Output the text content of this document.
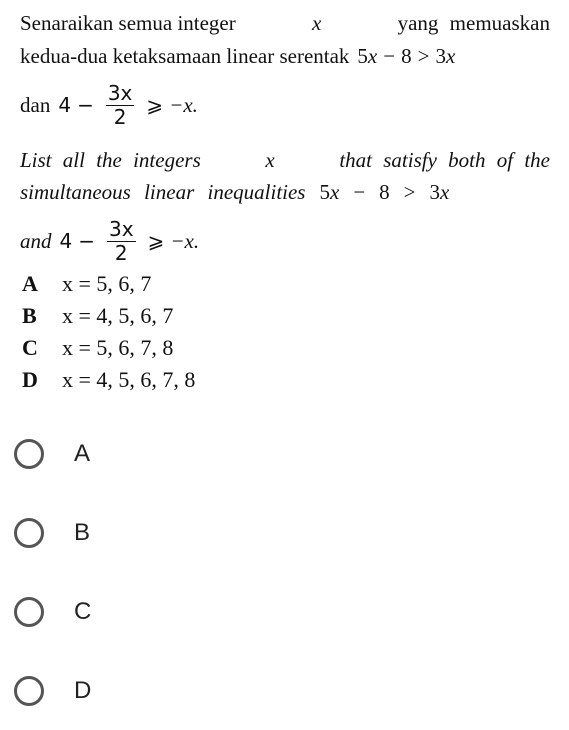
Senaraikan semua integer	x	yang memuaskan
kedua-dua ketaksamaan linear serentak 5x − 8 > 3x
dan $4 - \frac{3x}{2}$ ⩾ −x.
List all the integers	x	that satisfy both of the
simultaneous linear inequalities 5x − 8 > 3x
and $4 - \frac{3x}{2}$ ⩾ −x.
A	x = 5, 6, 7
B	x = 4, 5, 6, 7
C	x = 5, 6, 7, 8
D	x = 4, 5, 6, 7, 8
A
B
C
D
